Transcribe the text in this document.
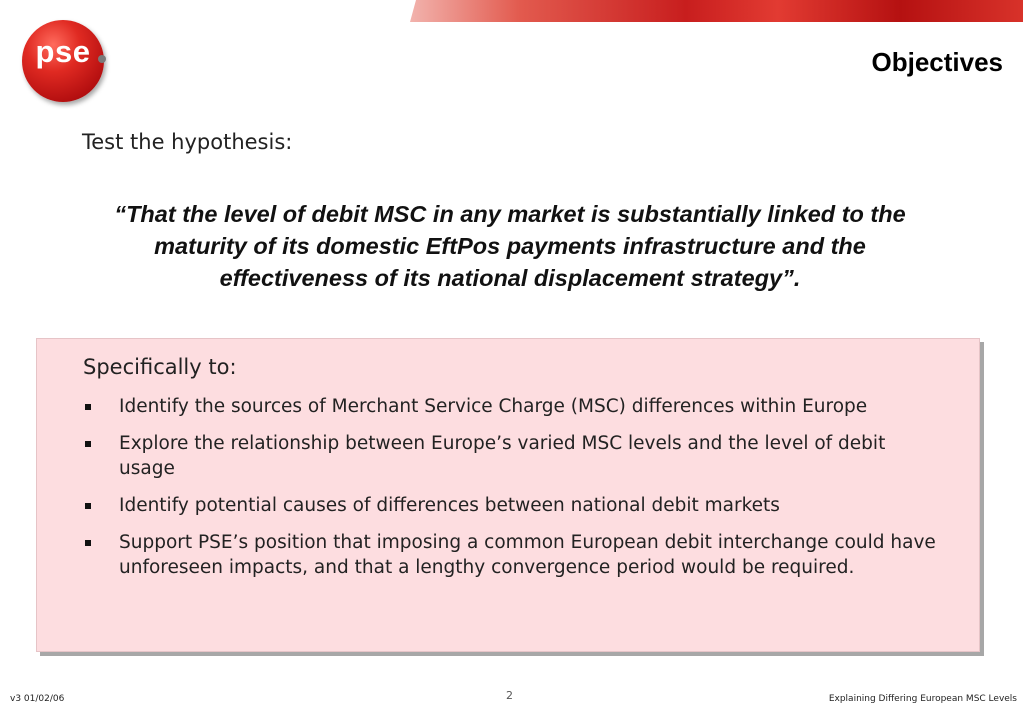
pse	Objectives
Test the hypothesis:
“That the level of debit MSC in any market is substantially linked to the maturity of its domestic EftPos payments infrastructure and the effectiveness of its national displacement strategy”.
Specifically to:
Identify the sources of Merchant Service Charge (MSC) differences within Europe
Explore the relationship between Europe’s varied MSC levels and the level of debit usage
Identify potential causes of differences between national debit markets
Support PSE’s position that imposing a common European debit interchange could have unforeseen impacts, and that a lengthy convergence period would be required.
v3 01/02/06	2	Explaining Differing European MSC Levels
